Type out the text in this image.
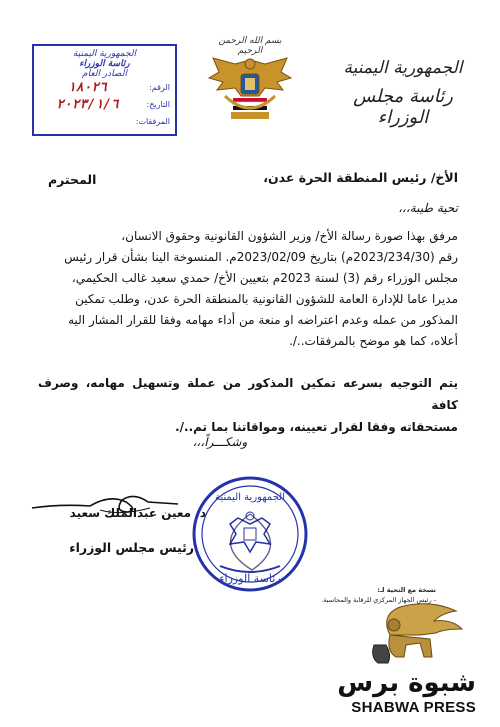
الجمهورية اليمنية
رئاسة مجلس الوزراء
بسم الله الرحمن الرحيم
الجمهورية اليمنية
رئاسة الوزراء
الصادر العام
الرقم:
١٨٠٢٦
التاريخ:
٢٠٢٣/١/٦
المرفقات:
الأخ/ رئيس المنطقة الحرة عدن،
المحترم
تحية طيبة،،،
مرفق بهذا صورة رسالة الأخ/ وزير الشؤون القانونية وحقوق الانسان،
رقم (2023/234/30م) بتاريخ 2023/02/09م. المنسوخة الينا بشأن قرار رئيس
مجلس الوزراء رقم (3) لسنة 2023م بتعيين الأخ/ حمدي سعيد غالب الحكيمي،
مديرا عاما للإدارة العامة للشؤون القانونية بالمنطقة الحرة عدن، وطلب تمكين
المذكور من عمله وعدم اعتراضه او منعة من أداء مهامه وفقا للقرار المشار اليه
أعلاه، كما هو موضح بالمرفقات../.
يتم التوجيه بسرعه تمكين المذكور من عملة وتسهيل مهامه، وصرف كافة
مستحقاته وفقا لقرار تعيينه، ومواقاتنا بما تم../.
وشكـــراً،،،
د. معين عبدالملك سعيد
رئيس مجلس الوزراء
الجمهورية اليمنية
رئاسة الوزراء
نسخة مع التحية لـ:
- رئيس الجهاز المركزي للرقابة والمحاسبة.
شبوة برس
SHABWA PRESS
